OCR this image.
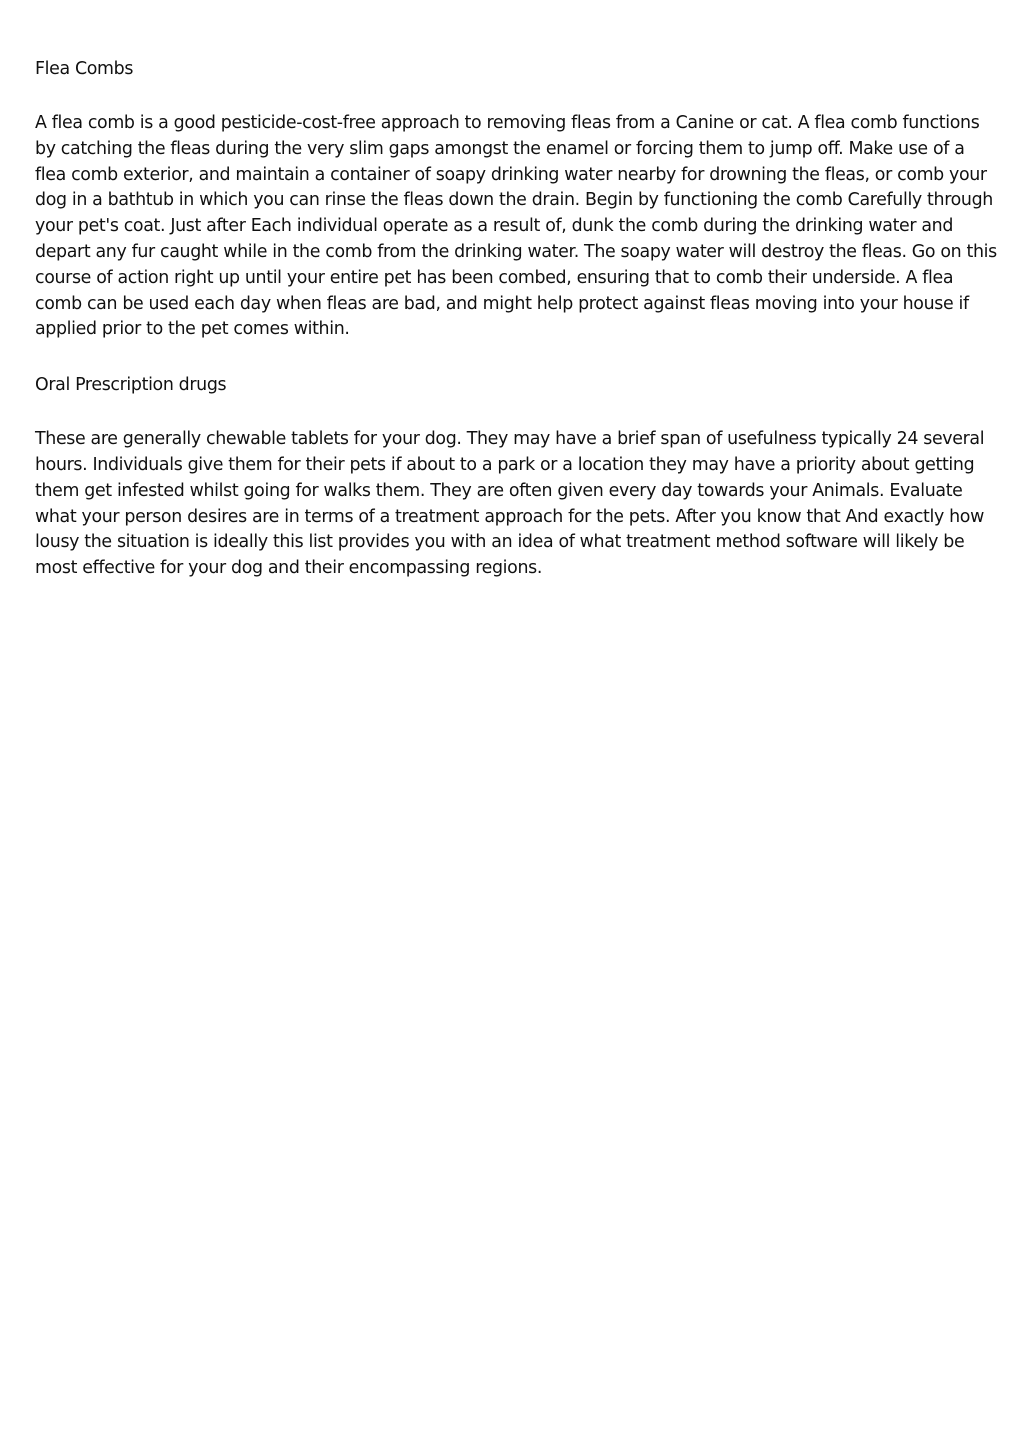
Flea Combs

A flea comb is a good pesticide-cost-free approach to removing fleas from a Canine or cat. A flea comb functions by catching the fleas during the very slim gaps amongst the enamel or forcing them to jump off. Make use of a flea comb exterior, and maintain a container of soapy drinking water nearby for drowning the fleas, or comb your dog in a bathtub in which you can rinse the fleas down the drain. Begin by functioning the comb Carefully through your pet's coat. Just after Each individual operate as a result of, dunk the comb during the drinking water and depart any fur caught while in the comb from the drinking water. The soapy water will destroy the fleas. Go on this course of action right up until your entire pet has been combed, ensuring that to comb their underside. A flea comb can be used each day when fleas are bad, and might help protect against fleas moving into your house if applied prior to the pet comes within.

Oral Prescription drugs

These are generally chewable tablets for your dog. They may have a brief span of usefulness typically 24 several hours. Individuals give them for their pets if about to a park or a location they may have a priority about getting them get infested whilst going for walks them. They are often given every day towards your Animals. Evaluate what your person desires are in terms of a treatment approach for the pets. After you know that And exactly how lousy the situation is ideally this list provides you with an idea of what treatment method software will likely be most effective for your dog and their encompassing regions.
